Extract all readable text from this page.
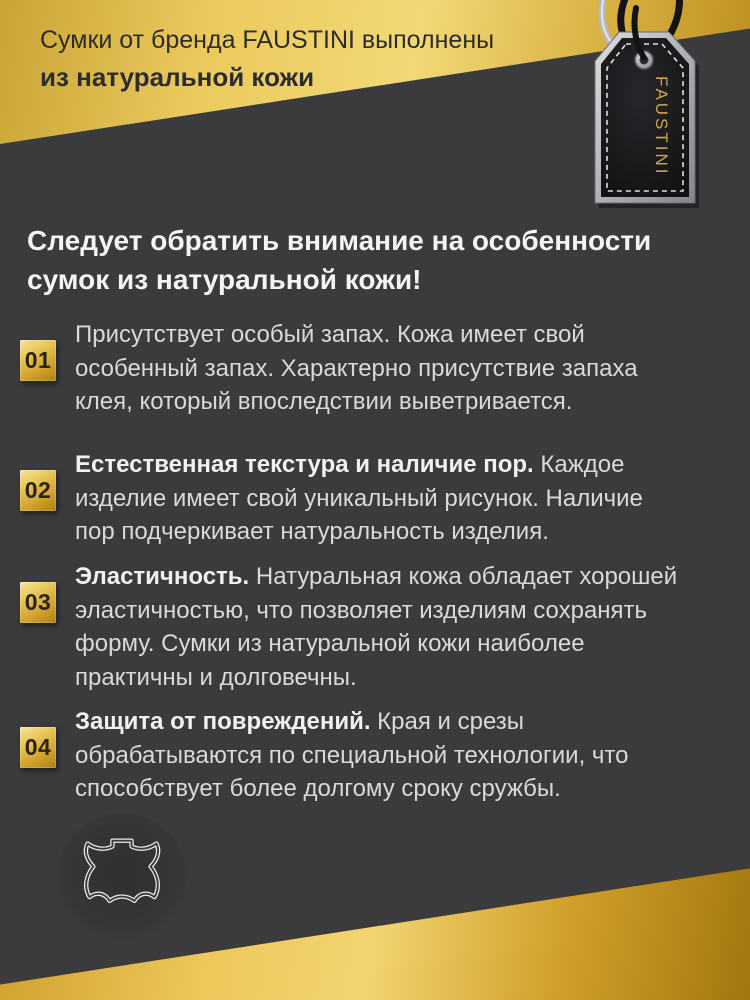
Сумки от бренда FAUSTINI выполнены
из натуральной кожи	FAUSTINI
Следует обратить внимание на особенности
сумок из натуральной кожи!
01
Присутствует особый запах. Кожа имеет свой
особенный запах. Характерно присутствие запаха
клея, который впоследствии выветривается.
02
Естественная текстура и наличие пор. Каждое
изделие имеет свой уникальный рисунок. Наличие
пор подчеркивает натуральность изделия.
03
Эластичность. Натуральная кожа обладает хорошей
эластичностью, что позволяет изделиям сохранять
форму. Сумки из натуральной кожи наиболее
практичны и долговечны.
04
Защита от повреждений. Края и срезы
обрабатываются по специальной технологии, что
способствует более долгому сроку сружбы.
